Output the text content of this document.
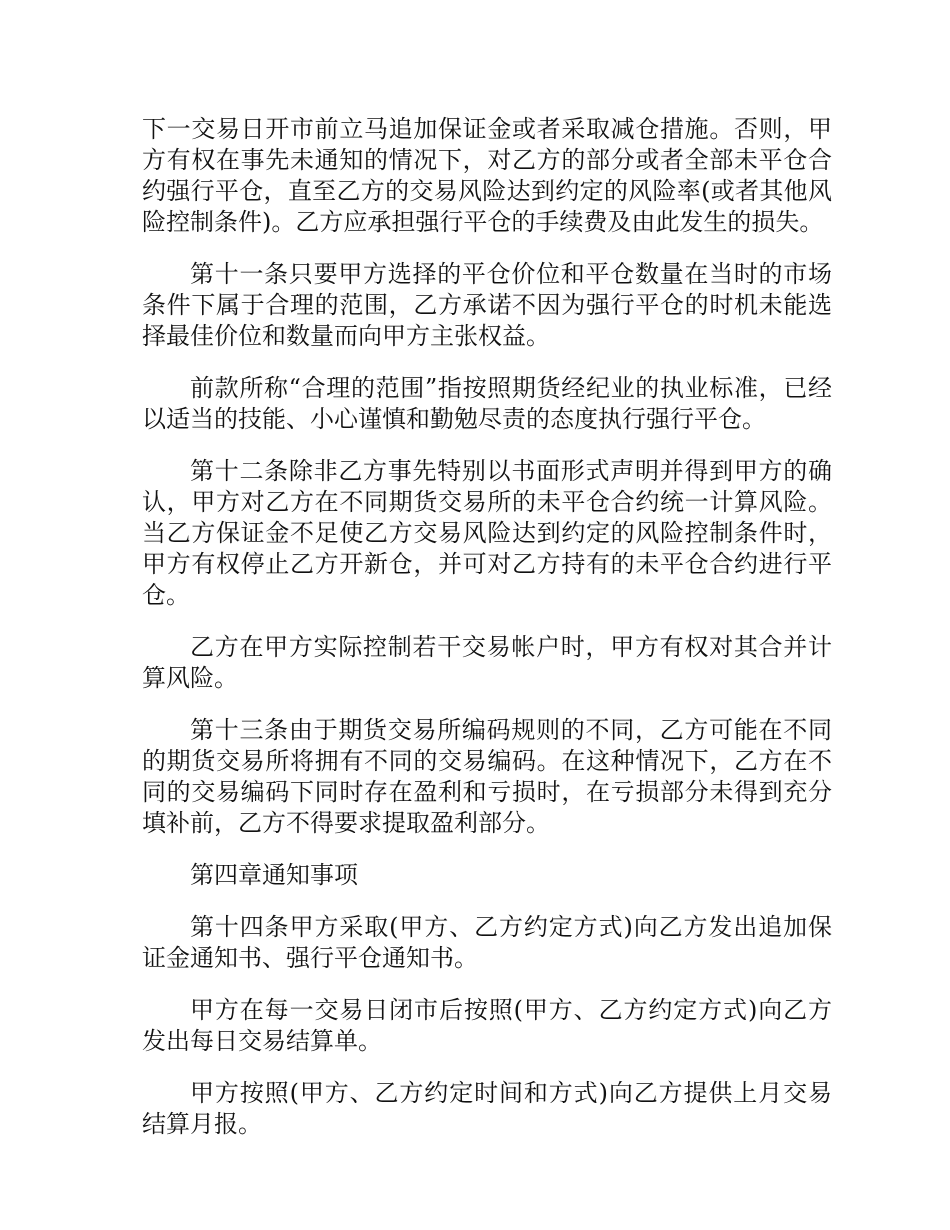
下一交易日开市前立马追加保证金或者采取减仓措施。否则，甲方有权在事先未通知的情况下，对乙方的部分或者全部未平仓合约强行平仓，直至乙方的交易风险达到约定的风险率(或者其他风险控制条件)。乙方应承担强行平仓的手续费及由此发生的损失。

第十一条只要甲方选择的平仓价位和平仓数量在当时的市场条件下属于合理的范围，乙方承诺不因为强行平仓的时机未能选择最佳价位和数量而向甲方主张权益。

前款所称“合理的范围”指按照期货经纪业的执业标准，已经以适当的技能、小心谨慎和勤勉尽责的态度执行强行平仓。

第十二条除非乙方事先特别以书面形式声明并得到甲方的确认，甲方对乙方在不同期货交易所的未平仓合约统一计算风险。当乙方保证金不足使乙方交易风险达到约定的风险控制条件时，甲方有权停止乙方开新仓，并可对乙方持有的未平仓合约进行平仓。

乙方在甲方实际控制若干交易帐户时，甲方有权对其合并计算风险。

第十三条由于期货交易所编码规则的不同，乙方可能在不同的期货交易所将拥有不同的交易编码。在这种情况下，乙方在不同的交易编码下同时存在盈利和亏损时，在亏损部分未得到充分填补前，乙方不得要求提取盈利部分。

第四章通知事项

第十四条甲方采取(甲方、乙方约定方式)向乙方发出追加保证金通知书、强行平仓通知书。

甲方在每一交易日闭市后按照(甲方、乙方约定方式)向乙方发出每日交易结算单。

甲方按照(甲方、乙方约定时间和方式)向乙方提供上月交易结算月报。
